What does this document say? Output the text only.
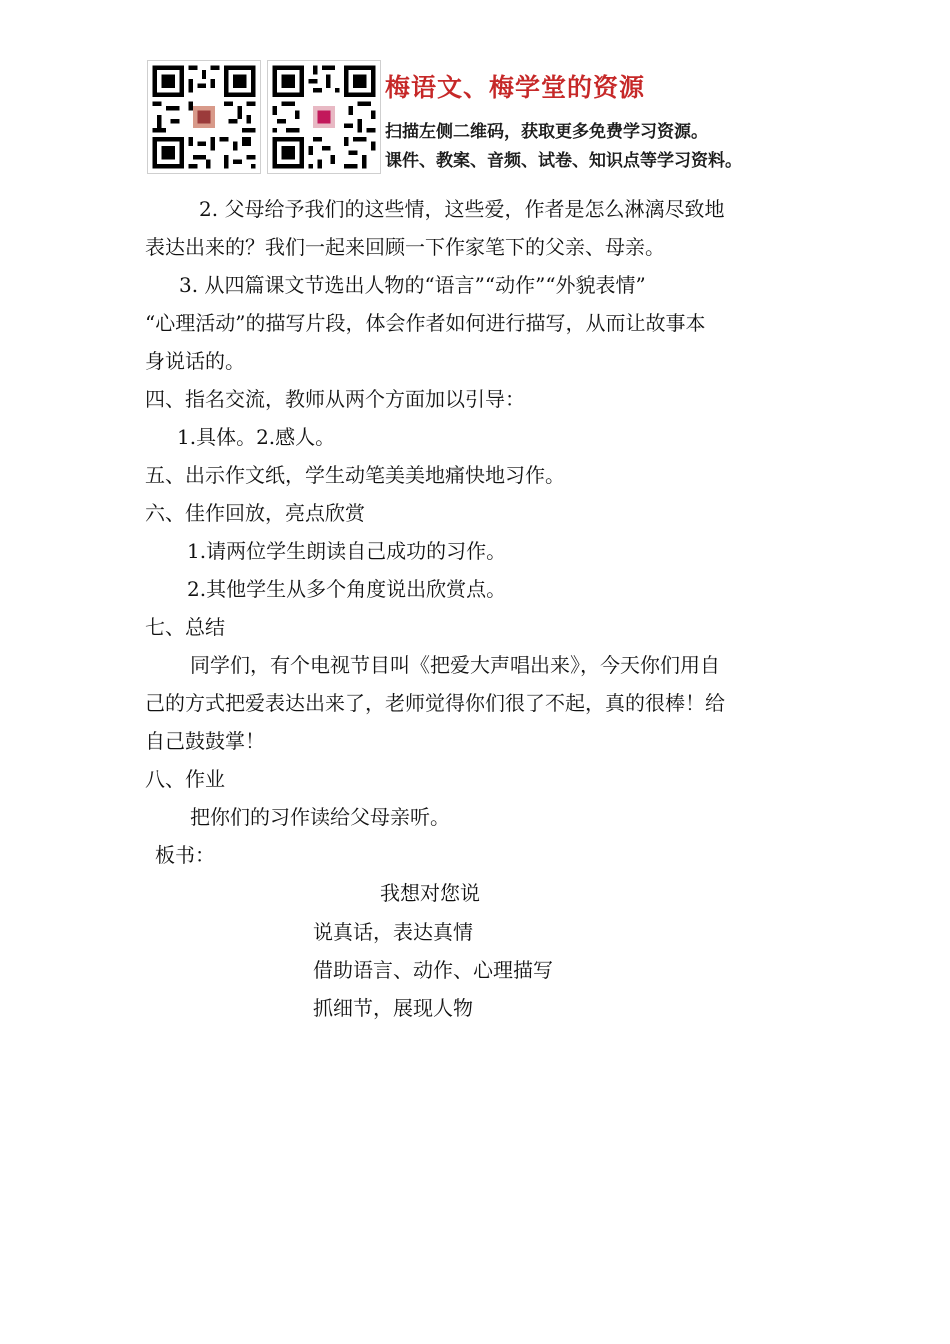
梅语文、梅学堂的资源
扫描左侧二维码，获取更多免费学习资源。
课件、教案、音频、试卷、知识点等学习资料。
2. 父母给予我们的这些情，这些爱，作者是怎么淋漓尽致地
表达出来的？我们一起来回顾一下作家笔下的父亲、母亲。
3. 从四篇课文节选出人物的“语言”“动作”“外貌表情”
“心理活动”的描写片段，体会作者如何进行描写，从而让故事本
身说话的。
四、指名交流，教师从两个方面加以引导：
1.具体。2.感人。
五、出示作文纸，学生动笔美美地痛快地习作。
六、佳作回放，亮点欣赏
1.请两位学生朗读自己成功的习作。
2.其他学生从多个角度说出欣赏点。
七、总结
同学们，有个电视节目叫《把爱大声唱出来》，今天你们用自
己的方式把爱表达出来了，老师觉得你们很了不起，真的很棒！给
自己鼓鼓掌！
八、作业
把你们的习作读给父母亲听。
板书：
我想对您说
说真话，表达真情
借助语言、动作、心理描写
抓细节，展现人物
